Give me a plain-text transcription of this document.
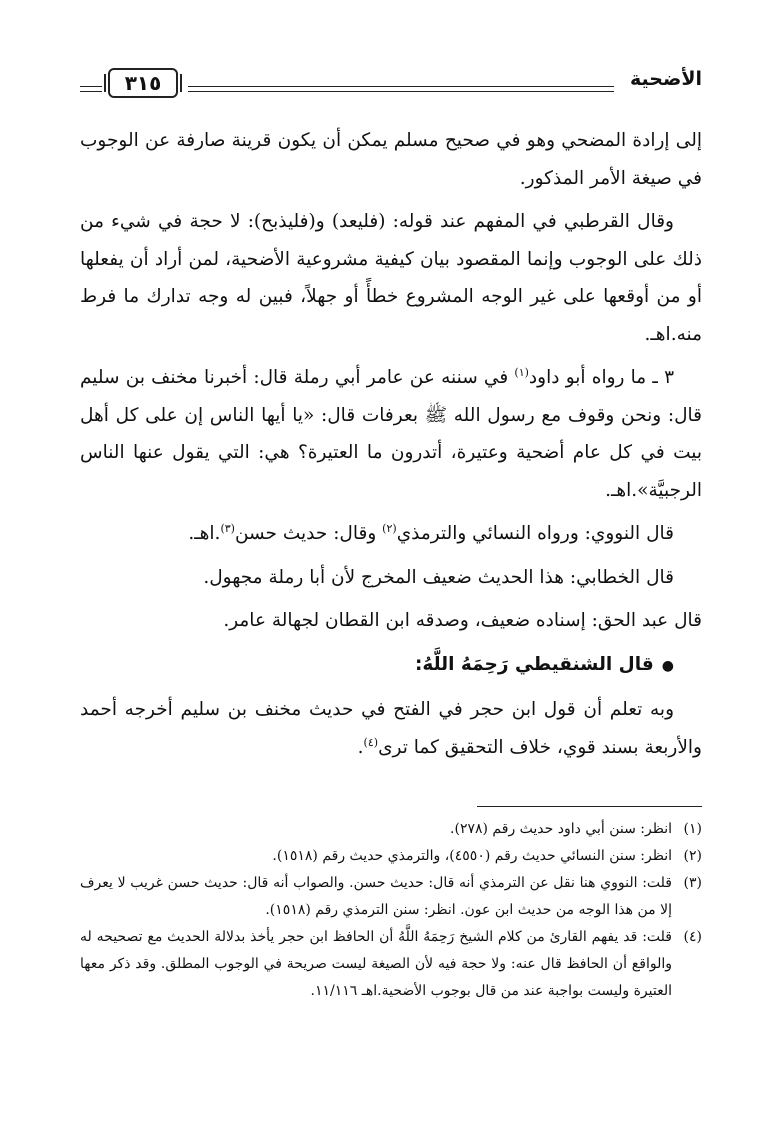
الأضحية
٣١٥

إلى إرادة المضحي وهو في صحيح مسلم يمكن أن يكون قرينة صارفة عن الوجوب في صيغة الأمر المذكور.

وقال القرطبي في المفهم عند قوله: (فليعد) و(فليذبح): لا حجة في شيء من ذلك على الوجوب وإنما المقصود بيان كيفية مشروعية الأضحية، لمن أراد أن يفعلها أو من أوقعها على غير الوجه المشروع خطأً أو جهلاً، فبين له وجه تدارك ما فرط منه.اهـ.

٣ ـ ما رواه أبو داود$^{(١)}$ في سننه عن عامر أبي رملة قال: أخبرنا مخنف بن سليم قال: ونحن وقوف مع رسول الله ﷺ بعرفات قال: «يا أيها الناس إن على كل أهل بيت في كل عام أضحية وعتيرة، أتدرون ما العتيرة؟ هي: التي يقول عنها الناس الرجبيَّة».اهـ.

قال النووي: ورواه النسائي والترمذي$^{(٢)}$ وقال: حديث حسن$^{(٣)}$.اهـ.

قال الخطابي: هذا الحديث ضعيف المخرج لأن أبا رملة مجهول.

قال عبد الحق: إسناده ضعيف، وصدقه ابن القطان لجهالة عامر.

●قال الشنقيطي رَحِمَهُ اللَّهُ:

وبه تعلم أن قول ابن حجر في الفتح في حديث مخنف بن سليم أخرجه أحمد والأربعة بسند قوي، خلاف التحقيق كما ترى$^{(٤)}$.

(١)
انظر: سنن أبي داود حديث رقم (٢٧٨).
(٢)
انظر: سنن النسائي حديث رقم (٤٥٥٠)، والترمذي حديث رقم (١٥١٨).
(٣)
قلت: النووي هنا نقل عن الترمذي أنه قال: حديث حسن. والصواب أنه قال: حديث حسن غريب لا يعرف إلا من هذا الوجه من حديث ابن عون. انظر: سنن الترمذي رقم (١٥١٨).
(٤)
قلت: قد يفهم القارئ من كلام الشيخ رَحِمَهُ اللَّهُ أن الحافظ ابن حجر يأخذ بدلالة الحديث مع تصحيحه له والواقع أن الحافظ قال عنه: ولا حجة فيه لأن الصيغة ليست صريحة في الوجوب المطلق. وقد ذكر معها العتيرة وليست بواجبة عند من قال بوجوب الأضحية.اهـ ١١/١١٦.
